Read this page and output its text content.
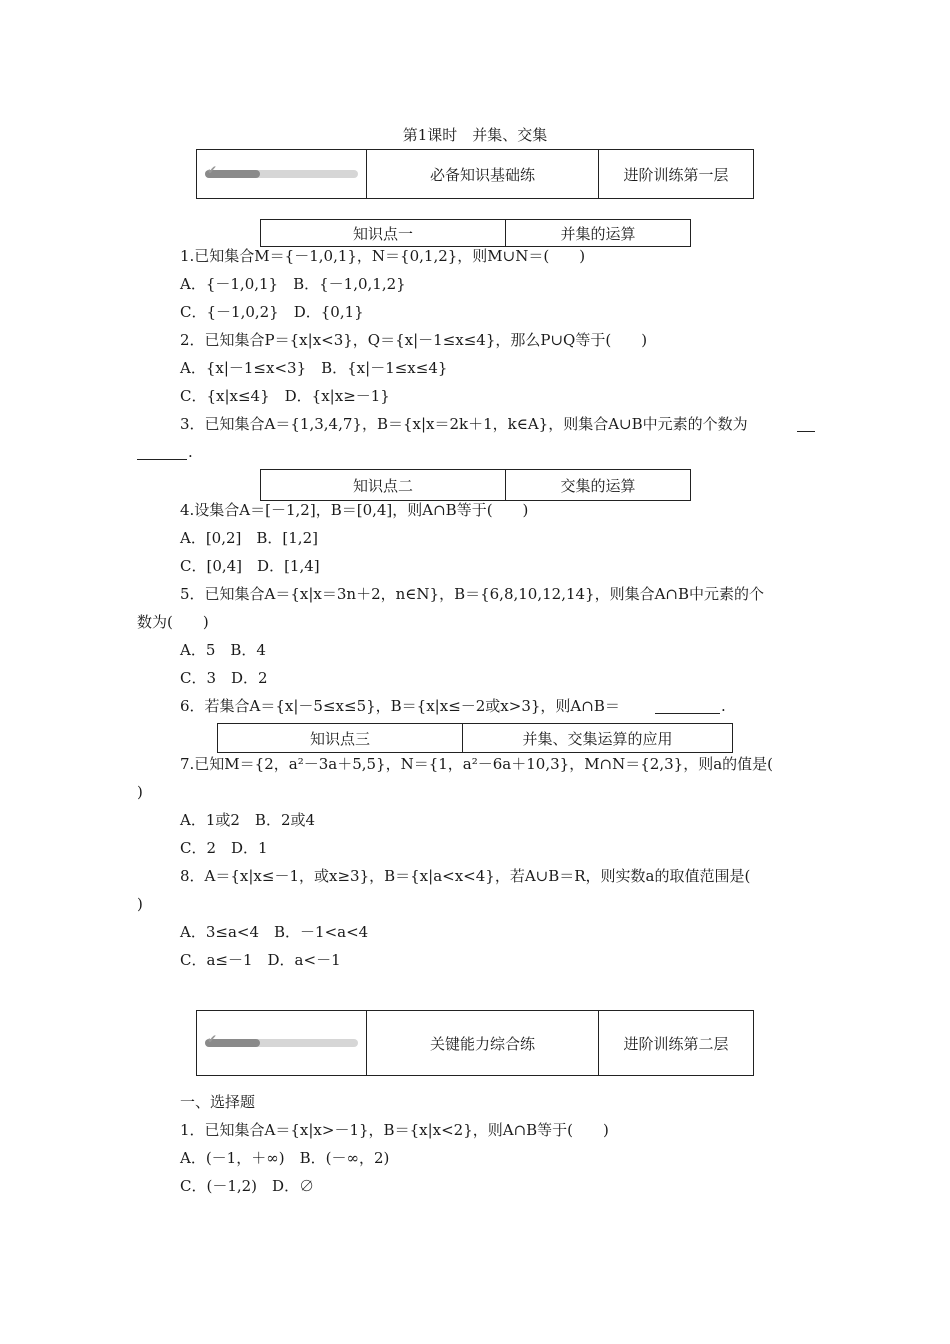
第1课时　并集、交集
✔	必备知识基础练	进阶训练第一层
知识点一	并集的运算
1.已知集合M＝{－1,0,1}，N＝{0,1,2}，则M∪N＝(　　)
A．{－1,0,1}　B．{－1,0,1,2}
C．{－1,0,2}　D．{0,1}
2．已知集合P＝{x|x<3}，Q＝{x|－1≤x≤4}，那么P∪Q等于(　　)
A．{x|－1≤x<3}　B．{x|－1≤x≤4}
C．{x|x≤4}　D．{x|x≥－1}
3．已知集合A＝{1,3,4,7}，B＝{x|x＝2k＋1，k∈A}，则集合A∪B中元素的个数为
.
知识点二	交集的运算
4.设集合A＝[－1,2]，B＝[0,4]，则A∩B等于(　　)
A．[0,2]　B．[1,2]
C．[0,4]　D．[1,4]
5．已知集合A＝{x|x＝3n＋2，n∈N}，B＝{6,8,10,12,14}，则集合A∩B中元素的个
数为(　　)
A．5　B．4
C．3　D．2
6．若集合A＝{x|－5≤x≤5}，B＝{x|x≤－2或x>3}，则A∩B＝	.
知识点三	并集、交集运算的应用
7.已知M＝{2，a²－3a＋5,5}，N＝{1，a²－6a＋10,3}，M∩N＝{2,3}，则a的值是(
)
A．1或2　B．2或4
C．2　D．1
8．A＝{x|x≤－1，或x≥3}，B＝{x|a<x<4}，若A∪B＝R，则实数a的取值范围是(
)
A．3≤a<4　B．－1<a<4
C．a≤－1　D．a<－1
✔	关键能力综合练	进阶训练第二层
一、选择题
1．已知集合A＝{x|x>－1}，B＝{x|x<2}，则A∩B等于(　　)
A．(－1，＋∞)　B．(－∞，2)
C．(－1,2)　D．∅
